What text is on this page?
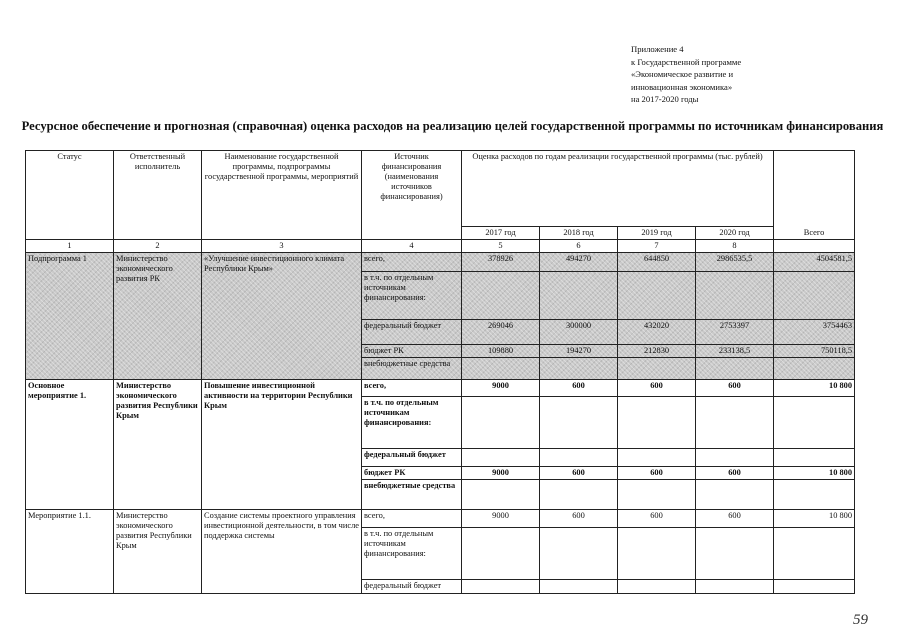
Приложение 4
к Государственной программе
«Экономическое развитие и
инновационная экономика»
на 2017-2020 годы
Ресурсное обеспечение и прогнозная (справочная) оценка расходов на реализацию целей государственной программы по источникам финансирования
Статус	Ответственный исполнитель	Наименование государственной программы, подпрограммы государственной программы, мероприятий	Источник финансирования (наименования источников финансирования)	Оценка расходов по годам реализации государственной программы (тыс. рублей)				Всего
				2017 год	2018 год	2019 год	2020 год	
1	2	3	4	5	6	7	8	
Подпрограмма 1	Министерство экономического развития РК	«Улучшение инвестиционного климата Республики Крым»	всего,	378926	494270	644850	2986535,5	4504581,5
			в т.ч. по отдельным источникам финансирования:					
			федеральный бюджет	269046	300000	432020	2753397	3754463
			бюджет РК	109880	194270	212830	233138,5	750118,5
			внебюджетные средства					
Основное мероприятие 1.	Министерство экономического развития Республики Крым	Повышение инвестиционной активности на территории Республики Крым	всего,	9000	600	600	600	10 800
			в т.ч. по отдельным источникам финансирования:					
			федеральный бюджет					
			бюджет РК	9000	600	600	600	10 800
			внебюджетные средства					
Мероприятие 1.1.	Министерство экономического развития Республики Крым	Создание системы проектного управления инвестиционной деятельности, в том числе поддержка системы	всего,	9000	600	600	600	10 800
			в т.ч. по отдельным источникам финансирования:					
			федеральный бюджет					
59
